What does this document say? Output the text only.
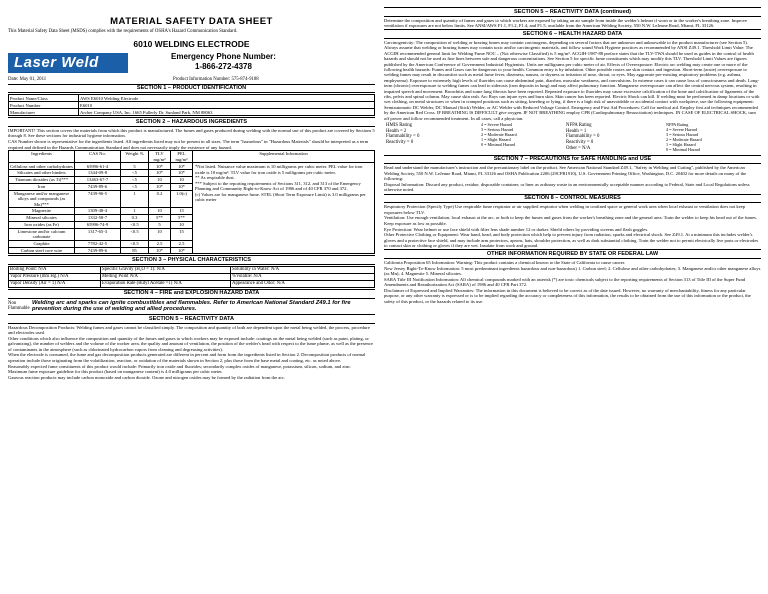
MATERIAL SAFETY DATA SHEET
This Material Safety Data Sheet (MSDS) complies with the requirements of OSHA's Hazard Communication Standard.
6010 WELDING ELECTRODE
Laser Weld	Emergency Phone Number:
1-866-272-4378
Date: May 01, 2011	Product Information Number: 575-874-9188
SECTION 1 – PRODUCT IDENTIFICATION
Product Name/Class	AWS E6010 Welding Electrode
Product Number	E6010
Manufacturer	Archer Company USA, Inc. 1665 Fullerly Dr. Sunland Park, NM 88063
SECTION 2 – HAZARDOUS INGREDIENTS

IMPORTANT! This section covers the materials from which this product is manufactured. The fumes and gases produced during welding with the normal use of this product are covered by Sections 5 through 8. See these sections for industrial hygiene information.

CAS Number shown is representative for the ingredients listed. All ingredients listed may not be present in all sizes. The term "hazardous" in "Hazardous Materials" should be interpreted as a term required and defined in the Hazards Communication Standard and does not necessarily imply the existence of any hazard.

Ingredients	CAS No.	Weight %	TLV mg/m³	PEL mg/m³	Supplemental Information
Cellulose and other carbohydrates	65996-61-4	5	10*	10*	*Not listed. Nuisance value maximum is 10 milligrams per cubic meter. PEL value for iron oxide is 10 mg/m³. TLV value for iron oxide is 5 milligrams per cubic meter.
** As respirable dust.
*** Subject to the reporting requirements of Sections 311, 312, and 313 of the Emergency Planning and Community Right-to-Know Act of 1986 and of 40 CFR 370 and 372.
(c) Values are for manganese fume. STEL (Short Term Exposure Limit) is 3.0 milligrams per cubic meter
Silicates and other binders	1344-09-8	<5	10*	10*	
Titanium dioxides (as Ti)***	13463-67-7	<5	10	10	
Iron	7439-89-6	<5	10*	10*	
Manganese and/or manganese alloys and compounds (as Mn)***	7439-96-5	1	0.2	1.0(c)	
Magnesite	1309-48-4	1	10	15	
Mineral silicates	1332-58-7	0.3	5**	5**	
Iron oxides (as Fe)	65996-74-9	<0.5	5	10	
Limestone and/or calcium carbonate	1317-65-3	<0.5	10	15	
Graphite	7782-42-5	<0.5	2.5	2.5	
Carbon steel core wire	7439-89-6	85	10*	10*	
SECTION 3 – PHYSICAL CHARACTERISTICS
Boiling Point: N/A	Specific Gravity (H₂O = 1): N/A	Solubility in Water: N/A
Vapor Pressure (mm Hg.) N/A	Melting Point N/A	%Volatile: N/A
Vapor Density (Air = 1) N/A	Evaporation Rate (Butyl Acetate =1) N/A	Appearance and Odor: N/A
SECTION 4 – FIRE and EXPLOSION HAZARD DATA
Non Flammable
Welding arc and sparks can ignite combustibles and flammables. Refer to American National Standard Z49.1 for fire prevention during the use of welding and allied procedures.
SECTION 5 – REACTIVITY DATA

Hazardous Decomposition Products: Welding fumes and gases cannot be classified simply. The composition and quantity of both are dependent upon the metal being welded, the process, procedure and electrodes used.

Other conditions which also influence the composition and quantity of the fumes and gases to which workers may be exposed include: coatings on the metal being welded (such as paint, plating, or galvanizing), the number of welders and the volume of the worker area, the quality and amount of ventilation, the position of the welder's head with respect to the fume plume, as well as the presence of contaminants in the atmosphere (such as chlorinated hydrocarbon vapors from cleaning and degreasing activities).

When the electrode is consumed, the fume and gas decomposition products generated are different in percent and form from the ingredients listed in Section 2. Decomposition products of normal operation include those originating from the volatilization, reaction, or oxidation of the materials shown in Section 2, plus those from the base metal and coating, etc. as noted above.

Reasonably expected fume constituents of this product would include: Primarily iron oxide and fluorides; secondarily complex oxides of manganese, potassium, silicon, sodium, and zinc.

Maximum fume exposure guideline for this product (based on manganese content) is 4.0 milligrams per cubic meter.

Gaseous reaction products may include carbon monoxide and carbon dioxide. Ozone and nitrogen oxides may be formed by the radiation from the arc.

SECTION 5 – REACTIVITY DATA (continued)

Determine the composition and quantity of fumes and gases to which workers are exposed by taking an air sample from inside the welder's helmet if worn or in the worker's breathing zone. Improve ventilation if exposures are not below limits. See ANSI/AWS F1.1, F1.2, F1.4, and F1.5, available from the American Welding Society, 550 N.W. LeJeune Road, Miami, FL 33126.

SECTION 6 – HEALTH HAZARD DATA

Carcinogenicity: The composition of welding or brazing fumes may contain carcinogens, depending on several factors that are unknown and unknowable to the product manufacturer (see Section 5). Always assume that welding or brazing fumes may contain toxic and/or carcinogenic materials, and follow sound Work Hygiene practices as recommended by ANSI Z49.1. Threshold Limit Value: The ACGIH recommended general limit for Welding Fume NOC – (Not otherwise Classified) is 5 mg/m³. ACGIH-1987-88 preface states that the TLV-TWA should be used as guides in the control of health hazards and should not be used as fine lines between safe and dangerous concentrations. See Section 5 for specific fume constituents which may modify this TLV. Threshold Limit Values are figures published by the American Conference of Government Industrial Hygienists. Units are milligrams per cubic meter of air. Effects of Overexposure: Electric arc welding may create one or more of the following health hazards: Fumes and Gases can be dangerous to your health. Common entry is by inhalation. Other possible routes are skin contact and ingestion. Short-term (acute) overexposure to welding fumes may result in discomfort such as metal fume fever, dizziness, nausea, or dryness or irritation of nose, throat, or eyes. May aggravate pre-existing respiratory problems (e.g. asthma, emphysema). Exposure to extremely high levels of fluorides can cause abdominal pain, diarrhea, muscular weakness, and convulsions. In extreme cases it can cause loss of consciousness and death. Long-term (chronic) overexposure to welding fumes can lead to siderosis (iron deposits in lung) and may affect pulmonary function. Manganese overexposure can affect the central nervous system, resulting in impaired speech and movement. Bronchitis and some lung fibrosis have been reported. Repeated exposure to fluorides may cause excessive calcification of the bone and calcification of ligaments of the ribs, pelvis and spinal column. May cause skin rash. Arc Rays can injure eyes and burn skin. Skin cancer has been reported. Electric Shock can kill. If welding must be performed in damp locations or with wet clothing, on metal structures or when in cramped positions such as sitting, kneeling or lying, if there is a high risk of unavoidable or accidental contact with workpiece, use the following equipment: Semiautomatic DC Welder, DC Manual (Stick) Welder, or AC Welder with Reduced Voltage Control. Emergency and First Aid Procedures: Call for medical aid. Employ first aid techniques recommended by the American Red Cross. IF BREATHING IS DIFFICULT give oxygen. IF NOT BREATHING employ CPR (Cardiopulmonary Resuscitation) techniques. IN CASE OF ELECTRICAL SHOCK, turn off power and follow recommended treatment. In all cases, call a physician.

HMIS Rating
Health = 2
Flammability = 0
Reactivity = 0

4 = Severe Hazard
3 = Serious Hazard
2 = Moderate Hazard
1 = Slight Hazard
0 = Minimal Hazard

NFPA Rating
Health = 1
Flammability = 0
Reactivity = 0
Other = N/A

NFPA Rating
4 = Severe Hazard
3 = Serious Hazard
2 = Moderate Hazard
1 = Slight Hazard
0 = Minimal Hazard
SECTION 7 – PRECAUTIONS for SAFE HANDLING and USE

Read and understand the manufacturer's instruction and the precautionary label on the product. See American National Standard Z49.1, "Safety in Welding and Cutting", published by the American Welding Society, 550 N.W. LeJeune Road, Miami, FL 33126 and OSHA Publication 2206 (29CFR1910), U.S. Government Printing Office, Washington, D.C. 20402 for more details on many of the following:

Disposal Information: Discard any product, residue, disposable container, or liner as ordinary waste in an environmentally acceptable manner according to Federal, State and Local Regulations unless otherwise noted.

SECTION 8 – CONTROL MEASURES

Respiratory Protection (Specify Type) Use respirable fume respirator or air supplied respirator when welding in confined space or general work area when local exhaust or ventilation does not keep exposures below TLV.

Ventilation: Use enough ventilation, local exhaust at the arc, or both to keep the fumes and gases from the worker's breathing zone and the general area. Train the welder to keep his head out of the fumes. Keep exposure as low as possible.

Eye Protection: Wear helmet or use face shield with filter lens shade number 12 or darker. Shield others by providing screens and flash goggles.

Other Protective Clothing or Equipment: Wear hand, head, and body protection which help to prevent injury from radiation, sparks and electrical shock. See Z49.1. At a minimum this includes welder's gloves and a protective face shield, and may include arm protectors, aprons, hats, shoulder protection, as well as dark substantial clothing. Train the welder not to permit electrically live parts or electrodes to contact skin or clothing or gloves if they are wet. Insulate from work and ground.

OTHER INFORMATION REQUIRED BY STATE OR FEDERAL LAW

California Proposition 65 Information: Warning: This product contains a chemical known to the State of California to cause cancer.

New Jersey Right-To-Know Information: 5 most predominant ingredients hazardous and non-hazardous) 1. Carbon steel; 2. Cellulose and other carbohydrates; 3. Manganese and/or other manganese alloys (as Mn); 4. Magnesite 5. Mineral silicates.

SARA Title III Notification Information: All chemical compounds marked with an asterisk (*) are toxic chemicals subject to the reporting requirements of Section 313 of Title III of the Super Fund Amendments and Reauthorization Act (SARA) of 1986 and 40 CFR Part 372.

Disclaimer of Expressed and Implied Warranties: The information in this document is believed to be correct as of the date issued. However, no warranty of merchantability, fitness for any particular purpose, or any other warranty is expressed or is to be implied regarding the accuracy or completeness of this information, the results to be obtained from the use of this information or the product, the safety of this product, or the hazards related to its use.
